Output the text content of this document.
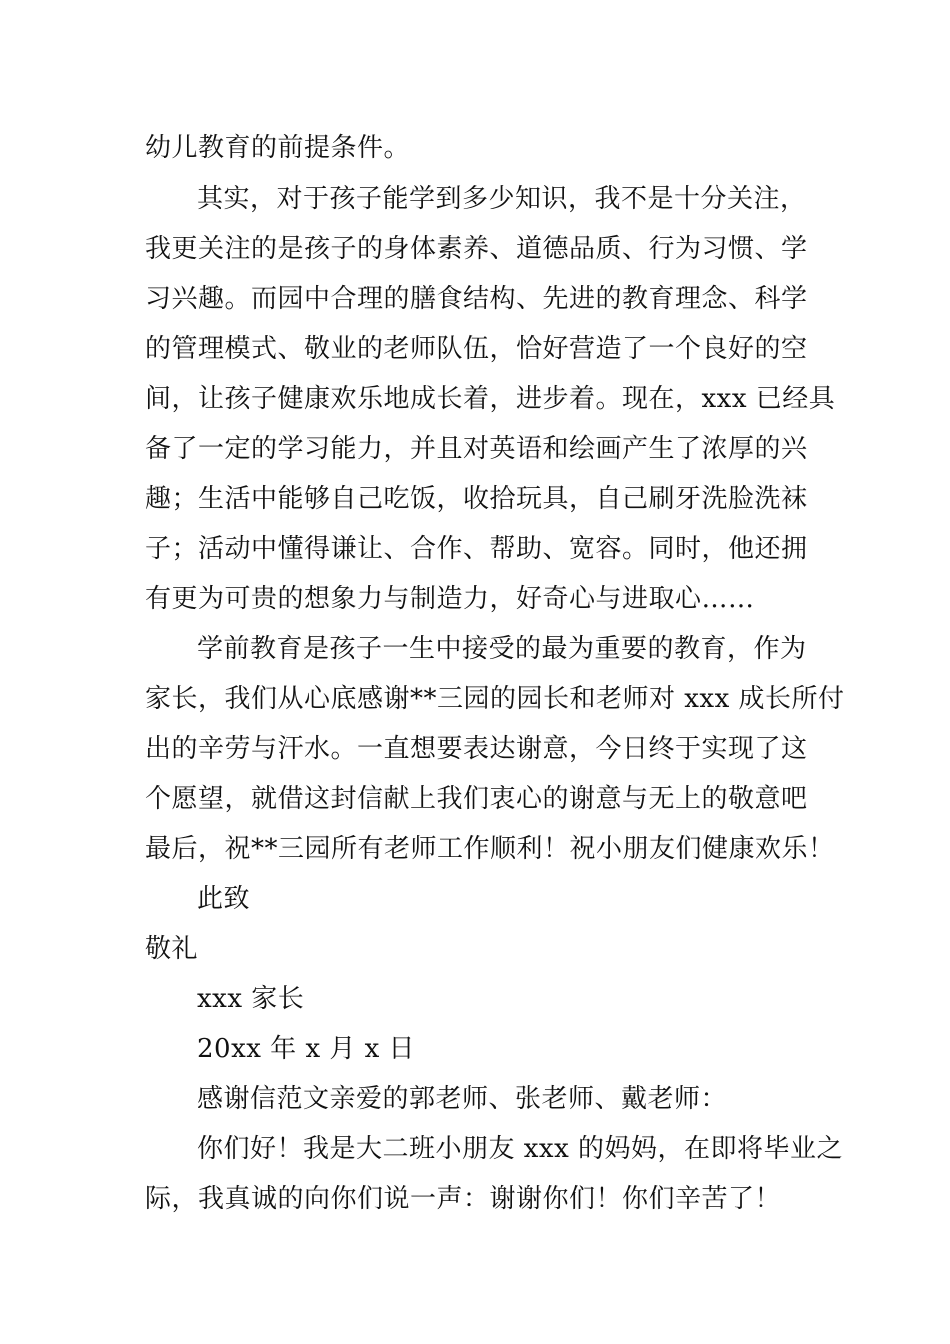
幼儿教育的前提条件。
其实，对于孩子能学到多少知识，我不是十分关注，
我更关注的是孩子的身体素养、道德品质、行为习惯、学
习兴趣。而园中合理的膳食结构、先进的教育理念、科学
的管理模式、敬业的老师队伍，恰好营造了一个良好的空
间，让孩子健康欢乐地成长着，进步着。现在，xxx 已经具
备了一定的学习能力，并且对英语和绘画产生了浓厚的兴
趣；生活中能够自己吃饭，收拾玩具，自己刷牙洗脸洗袜
子；活动中懂得谦让、合作、帮助、宽容。同时，他还拥
有更为可贵的想象力与制造力，好奇心与进取心……
学前教育是孩子一生中接受的最为重要的教育，作为
家长，我们从心底感谢**三园的园长和老师对 xxx 成长所付
出的辛劳与汗水。一直想要表达谢意，今日终于实现了这
个愿望，就借这封信献上我们衷心的谢意与无上的敬意吧
最后，祝**三园所有老师工作顺利！祝小朋友们健康欢乐！
此致
敬礼
xxx 家长
20xx 年 x 月 x 日
感谢信范文亲爱的郭老师、张老师、戴老师：
你们好！我是大二班小朋友 xxx 的妈妈，在即将毕业之
际，我真诚的向你们说一声：谢谢你们！你们辛苦了！
